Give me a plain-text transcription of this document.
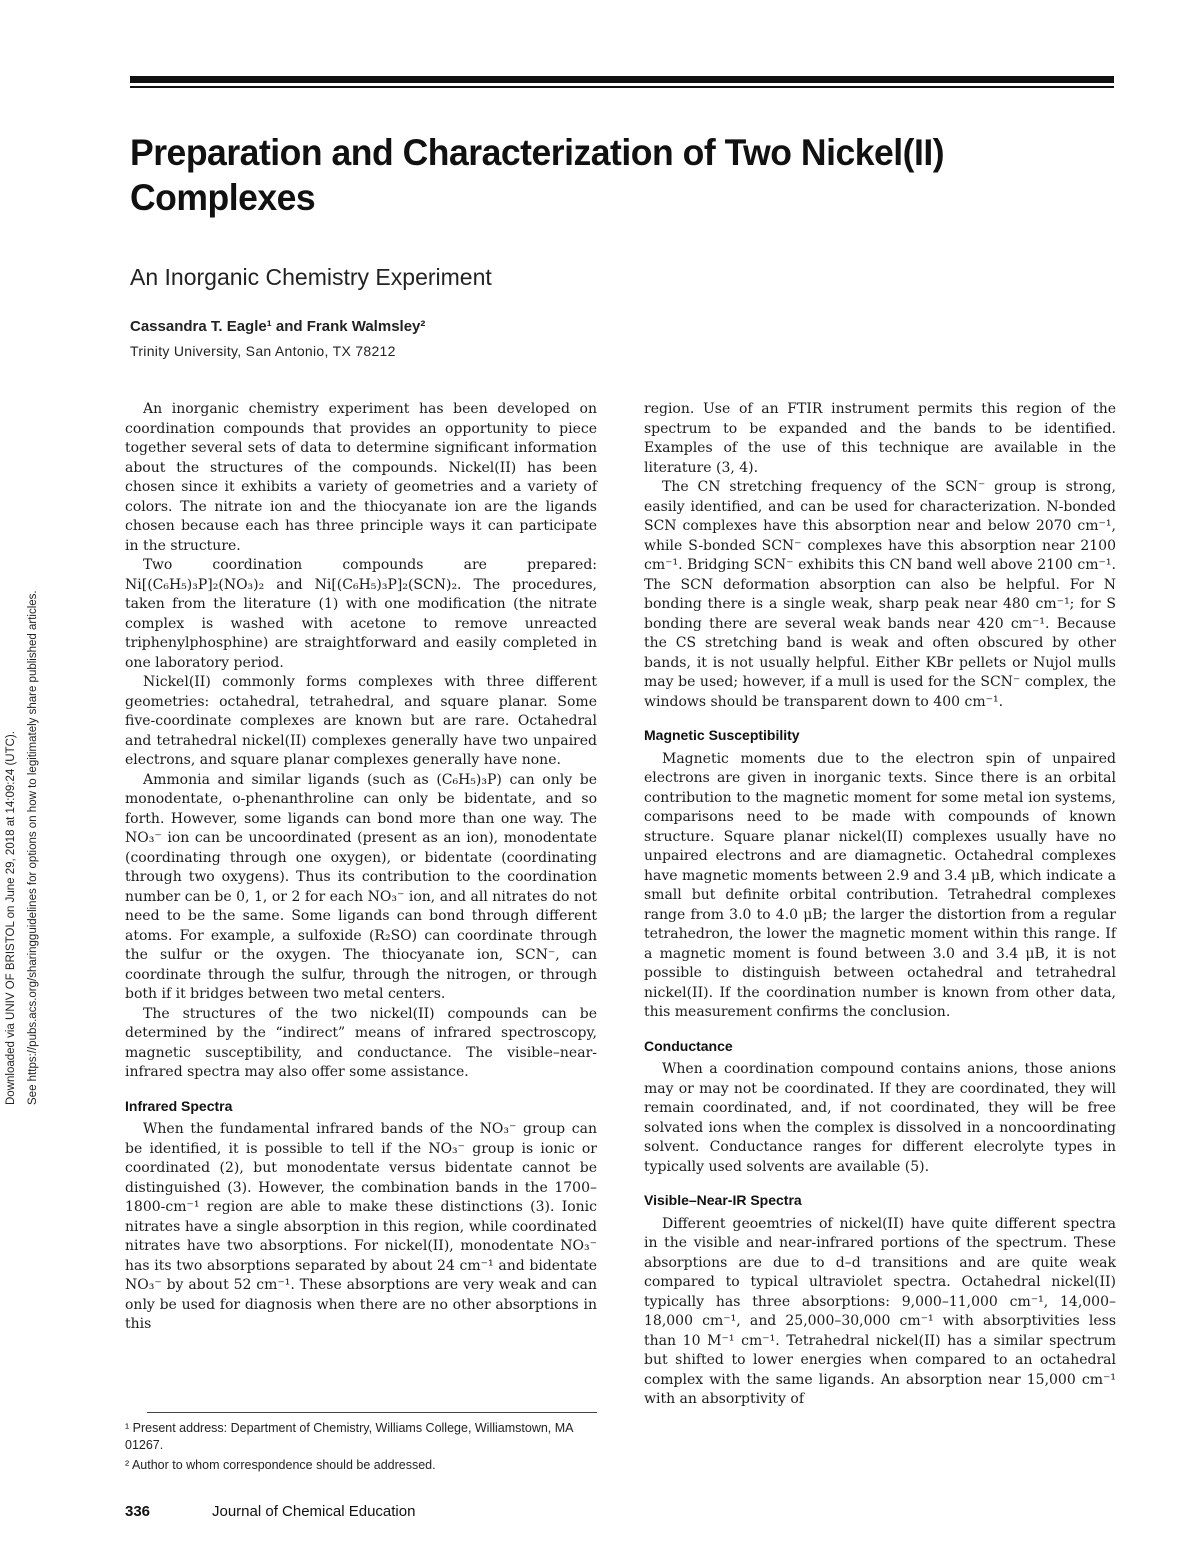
Preparation and Characterization of Two Nickel(II) Complexes
An Inorganic Chemistry Experiment
Cassandra T. Eagle¹ and Frank Walmsley²
Trinity University, San Antonio, TX 78212
Downloaded via UNIV OF BRISTOL on June 29, 2018 at 14:09:24 (UTC). See https://pubs.acs.org/sharingguidelines for options on how to legitimately share published articles.

An inorganic chemistry experiment has been developed on coordination compounds that provides an opportunity to piece together several sets of data to determine significant information about the structures of the compounds. Nickel(II) has been chosen since it exhibits a variety of geometries and a variety of colors. The nitrate ion and the thiocyanate ion are the ligands chosen because each has three principle ways it can participate in the structure.

Two coordination compounds are prepared: Ni[(C₆H₅)₃P]₂(NO₃)₂ and Ni[(C₆H₅)₃P]₂(SCN)₂. The procedures, taken from the literature (1) with one modification (the nitrate complex is washed with acetone to remove unreacted triphenylphosphine) are straightforward and easily completed in one laboratory period.

Nickel(II) commonly forms complexes with three different geometries: octahedral, tetrahedral, and square planar. Some five-coordinate complexes are known but are rare. Octahedral and tetrahedral nickel(II) complexes generally have two unpaired electrons, and square planar complexes generally have none.

Ammonia and similar ligands (such as (C₆H₅)₃P) can only be monodentate, o-phenanthroline can only be bidentate, and so forth. However, some ligands can bond more than one way. The NO₃⁻ ion can be uncoordinated (present as an ion), monodentate (coordinating through one oxygen), or bidentate (coordinating through two oxygens). Thus its contribution to the coordination number can be 0, 1, or 2 for each NO₃⁻ ion, and all nitrates do not need to be the same. Some ligands can bond through different atoms. For example, a sulfoxide (R₂SO) can coordinate through the sulfur or the oxygen. The thiocyanate ion, SCN⁻, can coordinate through the sulfur, through the nitrogen, or through both if it bridges between two metal centers.

The structures of the two nickel(II) compounds can be determined by the “indirect” means of infrared spectroscopy, magnetic susceptibility, and conductance. The visible–near-infrared spectra may also offer some assistance.

Infrared Spectra

When the fundamental infrared bands of the NO₃⁻ group can be identified, it is possible to tell if the NO₃⁻ group is ionic or coordinated (2), but monodentate versus bidentate cannot be distinguished (3). However, the combination bands in the 1700–1800-cm⁻¹ region are able to make these distinctions (3). Ionic nitrates have a single absorption in this region, while coordinated nitrates have two absorptions. For nickel(II), monodentate NO₃⁻ has its two absorptions separated by about 24 cm⁻¹ and bidentate NO₃⁻ by about 52 cm⁻¹. These absorptions are very weak and can only be used for diagnosis when there are no other absorptions in this

region. Use of an FTIR instrument permits this region of the spectrum to be expanded and the bands to be identified. Examples of the use of this technique are available in the literature (3, 4).

The CN stretching frequency of the SCN⁻ group is strong, easily identified, and can be used for characterization. N-bonded SCN complexes have this absorption near and below 2070 cm⁻¹, while S-bonded SCN⁻ complexes have this absorption near 2100 cm⁻¹. Bridging SCN⁻ exhibits this CN band well above 2100 cm⁻¹. The SCN deformation absorption can also be helpful. For N bonding there is a single weak, sharp peak near 480 cm⁻¹; for S bonding there are several weak bands near 420 cm⁻¹. Because the CS stretching band is weak and often obscured by other bands, it is not usually helpful. Either KBr pellets or Nujol mulls may be used; however, if a mull is used for the SCN⁻ complex, the windows should be transparent down to 400 cm⁻¹.

Magnetic Susceptibility

Magnetic moments due to the electron spin of unpaired electrons are given in inorganic texts. Since there is an orbital contribution to the magnetic moment for some metal ion systems, comparisons need to be made with compounds of known structure. Square planar nickel(II) complexes usually have no unpaired electrons and are diamagnetic. Octahedral complexes have magnetic moments between 2.9 and 3.4 μB, which indicate a small but definite orbital contribution. Tetrahedral complexes range from 3.0 to 4.0 μB; the larger the distortion from a regular tetrahedron, the lower the magnetic moment within this range. If a magnetic moment is found between 3.0 and 3.4 μB, it is not possible to distinguish between octahedral and tetrahedral nickel(II). If the coordination number is known from other data, this measurement confirms the conclusion.

Conductance

When a coordination compound contains anions, those anions may or may not be coordinated. If they are coordinated, they will remain coordinated, and, if not coordinated, they will be free solvated ions when the complex is dissolved in a noncoordinating solvent. Conductance ranges for different elecrolyte types in typically used solvents are available (5).

Visible–Near-IR Spectra

Different geoemtries of nickel(II) have quite different spectra in the visible and near-infrared portions of the spectrum. These absorptions are due to d–d transitions and are quite weak compared to typical ultraviolet spectra. Octahedral nickel(II) typically has three absorptions: 9,000–11,000 cm⁻¹, 14,000–18,000 cm⁻¹, and 25,000–30,000 cm⁻¹ with absorptivities less than 10 M⁻¹ cm⁻¹. Tetrahedral nickel(II) has a similar spectrum but shifted to lower energies when compared to an octahedral complex with the same ligands. An absorption near 15,000 cm⁻¹ with an absorptivity of

¹ Present address: Department of Chemistry, Williams College, Williamstown, MA 01267.
² Author to whom correspondence should be addressed.
336	Journal of Chemical Education
